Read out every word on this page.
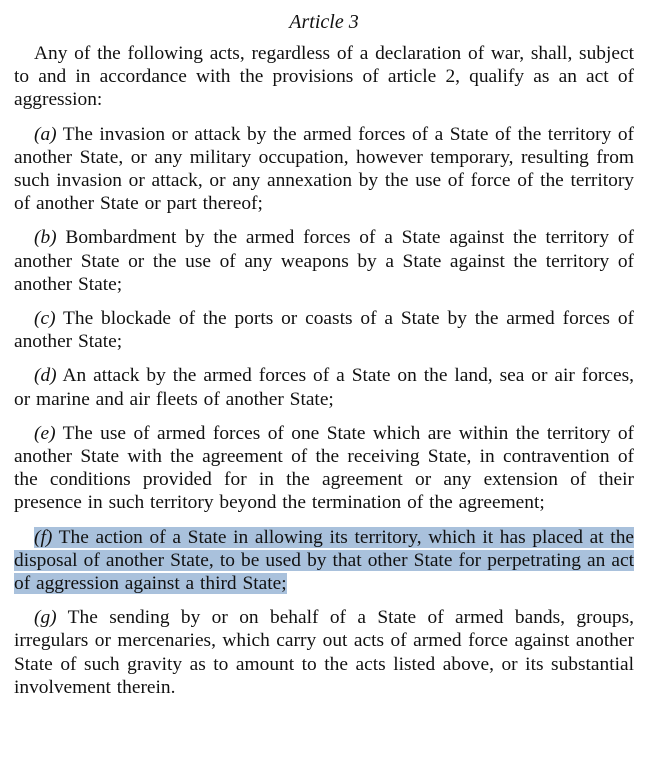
Article 3

Any of the following acts, regardless of a declaration of war, shall, subject to and in accordance with the provisions of article 2, qualify as an act of aggression:

(a) The invasion or attack by the armed forces of a State of the territory of another State, or any military occupation, however temporary, resulting from such invasion or attack, or any annexation by the use of force of the territory of another State or part thereof;

(b) Bombardment by the armed forces of a State against the territory of another State or the use of any weapons by a State against the territory of another State;

(c) The blockade of the ports or coasts of a State by the armed forces of another State;

(d) An attack by the armed forces of a State on the land, sea or air forces, or marine and air fleets of another State;

(e) The use of armed forces of one State which are within the territory of another State with the agreement of the receiving State, in contravention of the conditions provided for in the agreement or any extension of their presence in such territory beyond the termination of the agreement;

(f) The action of a State in allowing its territory, which it has placed at the disposal of another State, to be used by that other State for perpetrating an act of aggression against a third State;

(g) The sending by or on behalf of a State of armed bands, groups, irregulars or mercenaries, which carry out acts of armed force against another State of such gravity as to amount to the acts listed above, or its substantial involvement therein.
